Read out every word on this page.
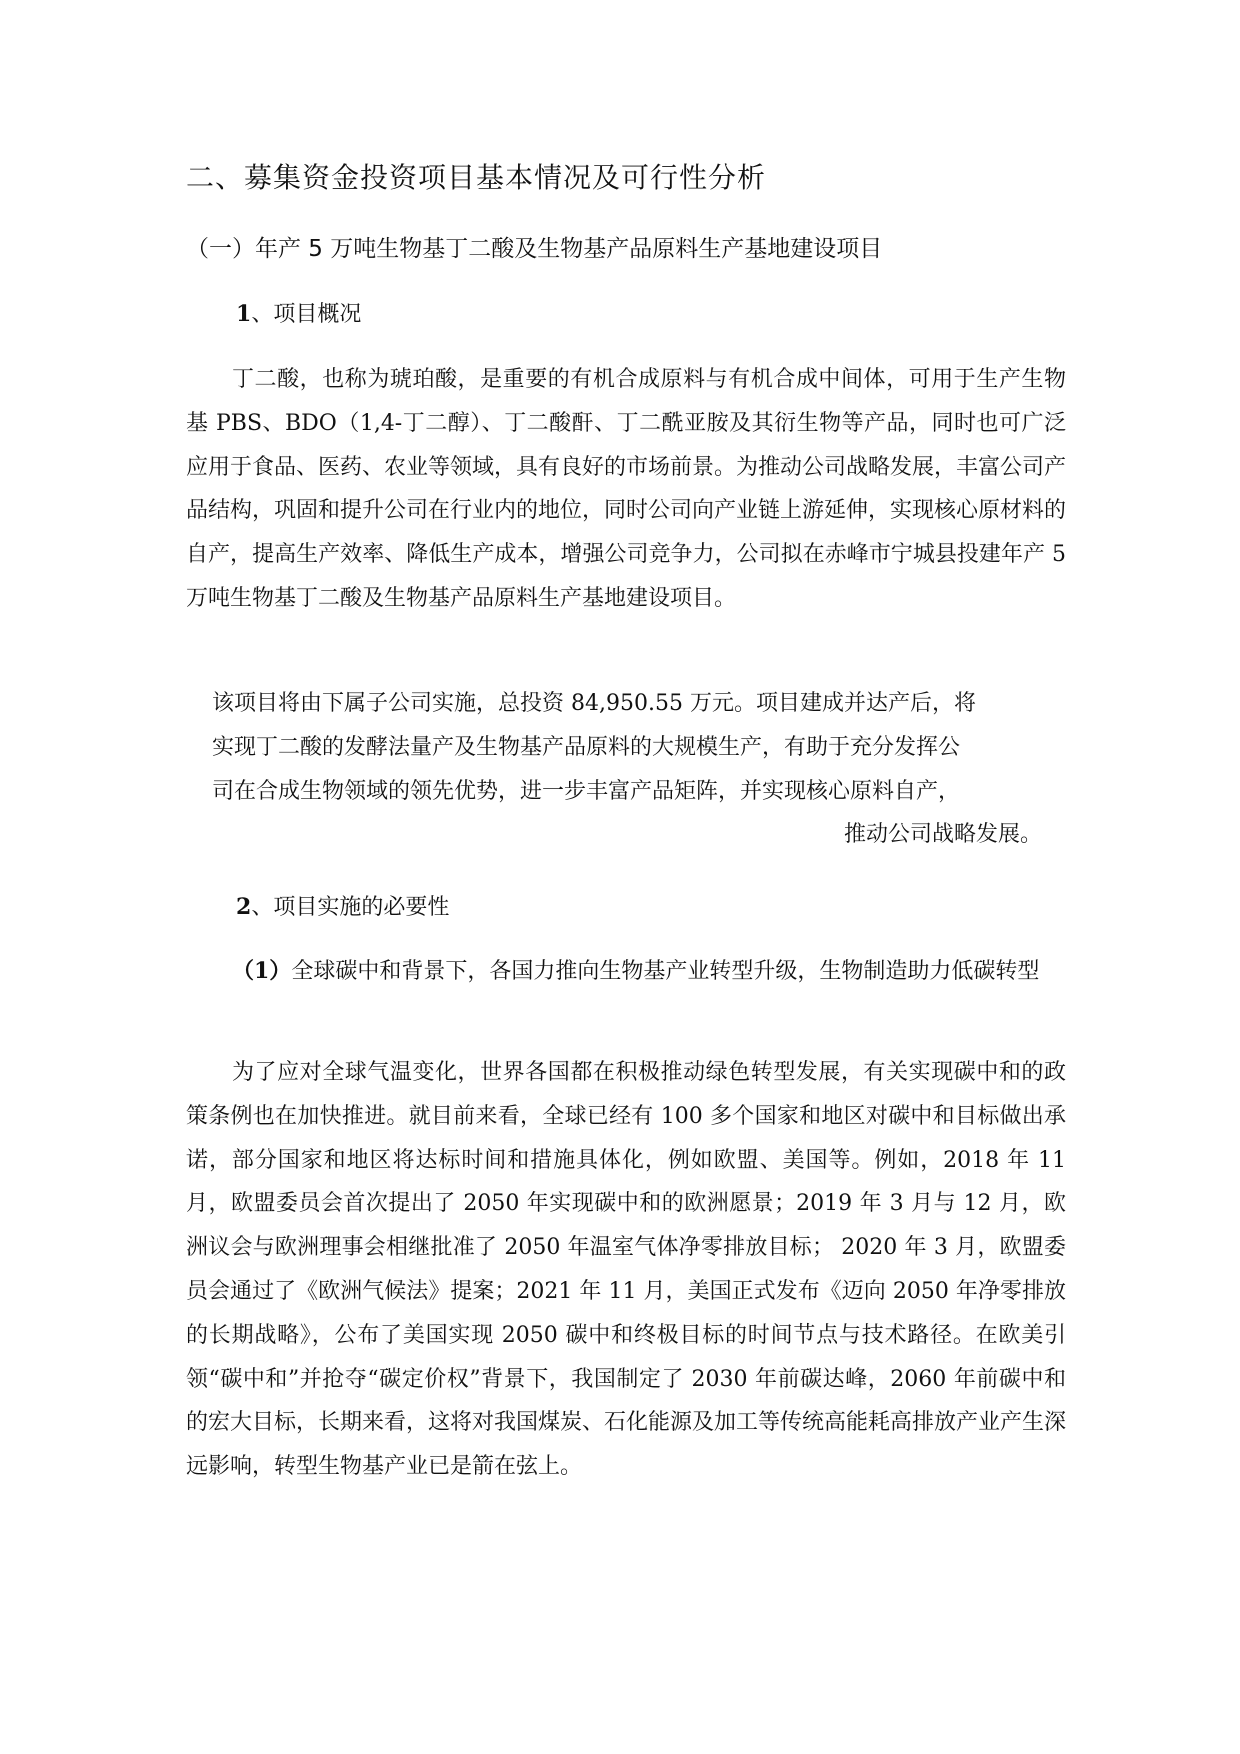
二、募集资金投资项目基本情况及可行性分析
（一）年产 5 万吨生物基丁二酸及生物基产品原料生产基地建设项目
1、项目概况
丁二酸，也称为琥珀酸，是重要的有机合成原料与有机合成中间体，可用于生产生物基 PBS、BDO（1,4-丁二醇）、丁二酸酐、丁二酰亚胺及其衍生物等产品，同时也可广泛应用于食品、医药、农业等领域，具有良好的市场前景。为推动公司战略发展，丰富公司产品结构，巩固和提升公司在行业内的地位，同时公司向产业链上游延伸，实现核心原材料的自产，提高生产效率、降低生产成本，增强公司竞争力，公司拟在赤峰市宁城县投建年产 5 万吨生物基丁二酸及生物基产品原料生产基地建设项目。
该项目将由下属子公司实施，总投资 84,950.55 万元。项目建成并达产后，将
实现丁二酸的发酵法量产及生物基产品原料的大规模生产，有助于充分发挥公
司在合成生物领域的领先优势，进一步丰富产品矩阵，并实现核心原料自产，
推动公司战略发展。
2、项目实施的必要性
（1）全球碳中和背景下，各国力推向生物基产业转型升级，生物制造助力低碳转型
为了应对全球气温变化，世界各国都在积极推动绿色转型发展，有关实现碳中和的政策条例也在加快推进。就目前来看，全球已经有 100 多个国家和地区对碳中和目标做出承诺，部分国家和地区将达标时间和措施具体化，例如欧盟、美国等。例如，2018 年 11 月，欧盟委员会首次提出了 2050 年实现碳中和的欧洲愿景；2019 年 3 月与 12 月，欧洲议会与欧洲理事会相继批准了 2050 年温室气体净零排放目标； 2020 年 3 月，欧盟委员会通过了《欧洲气候法》提案；2021 年 11 月，美国正式发布《迈向 2050 年净零排放的长期战略》，公布了美国实现 2050 碳中和终极目标的时间节点与技术路径。在欧美引领“碳中和”并抢夺“碳定价权”背景下，我国制定了 2030 年前碳达峰，2060 年前碳中和的宏大目标，长期来看，这将对我国煤炭、石化能源及加工等传统高能耗高排放产业产生深远影响，转型生物基产业已是箭在弦上。
